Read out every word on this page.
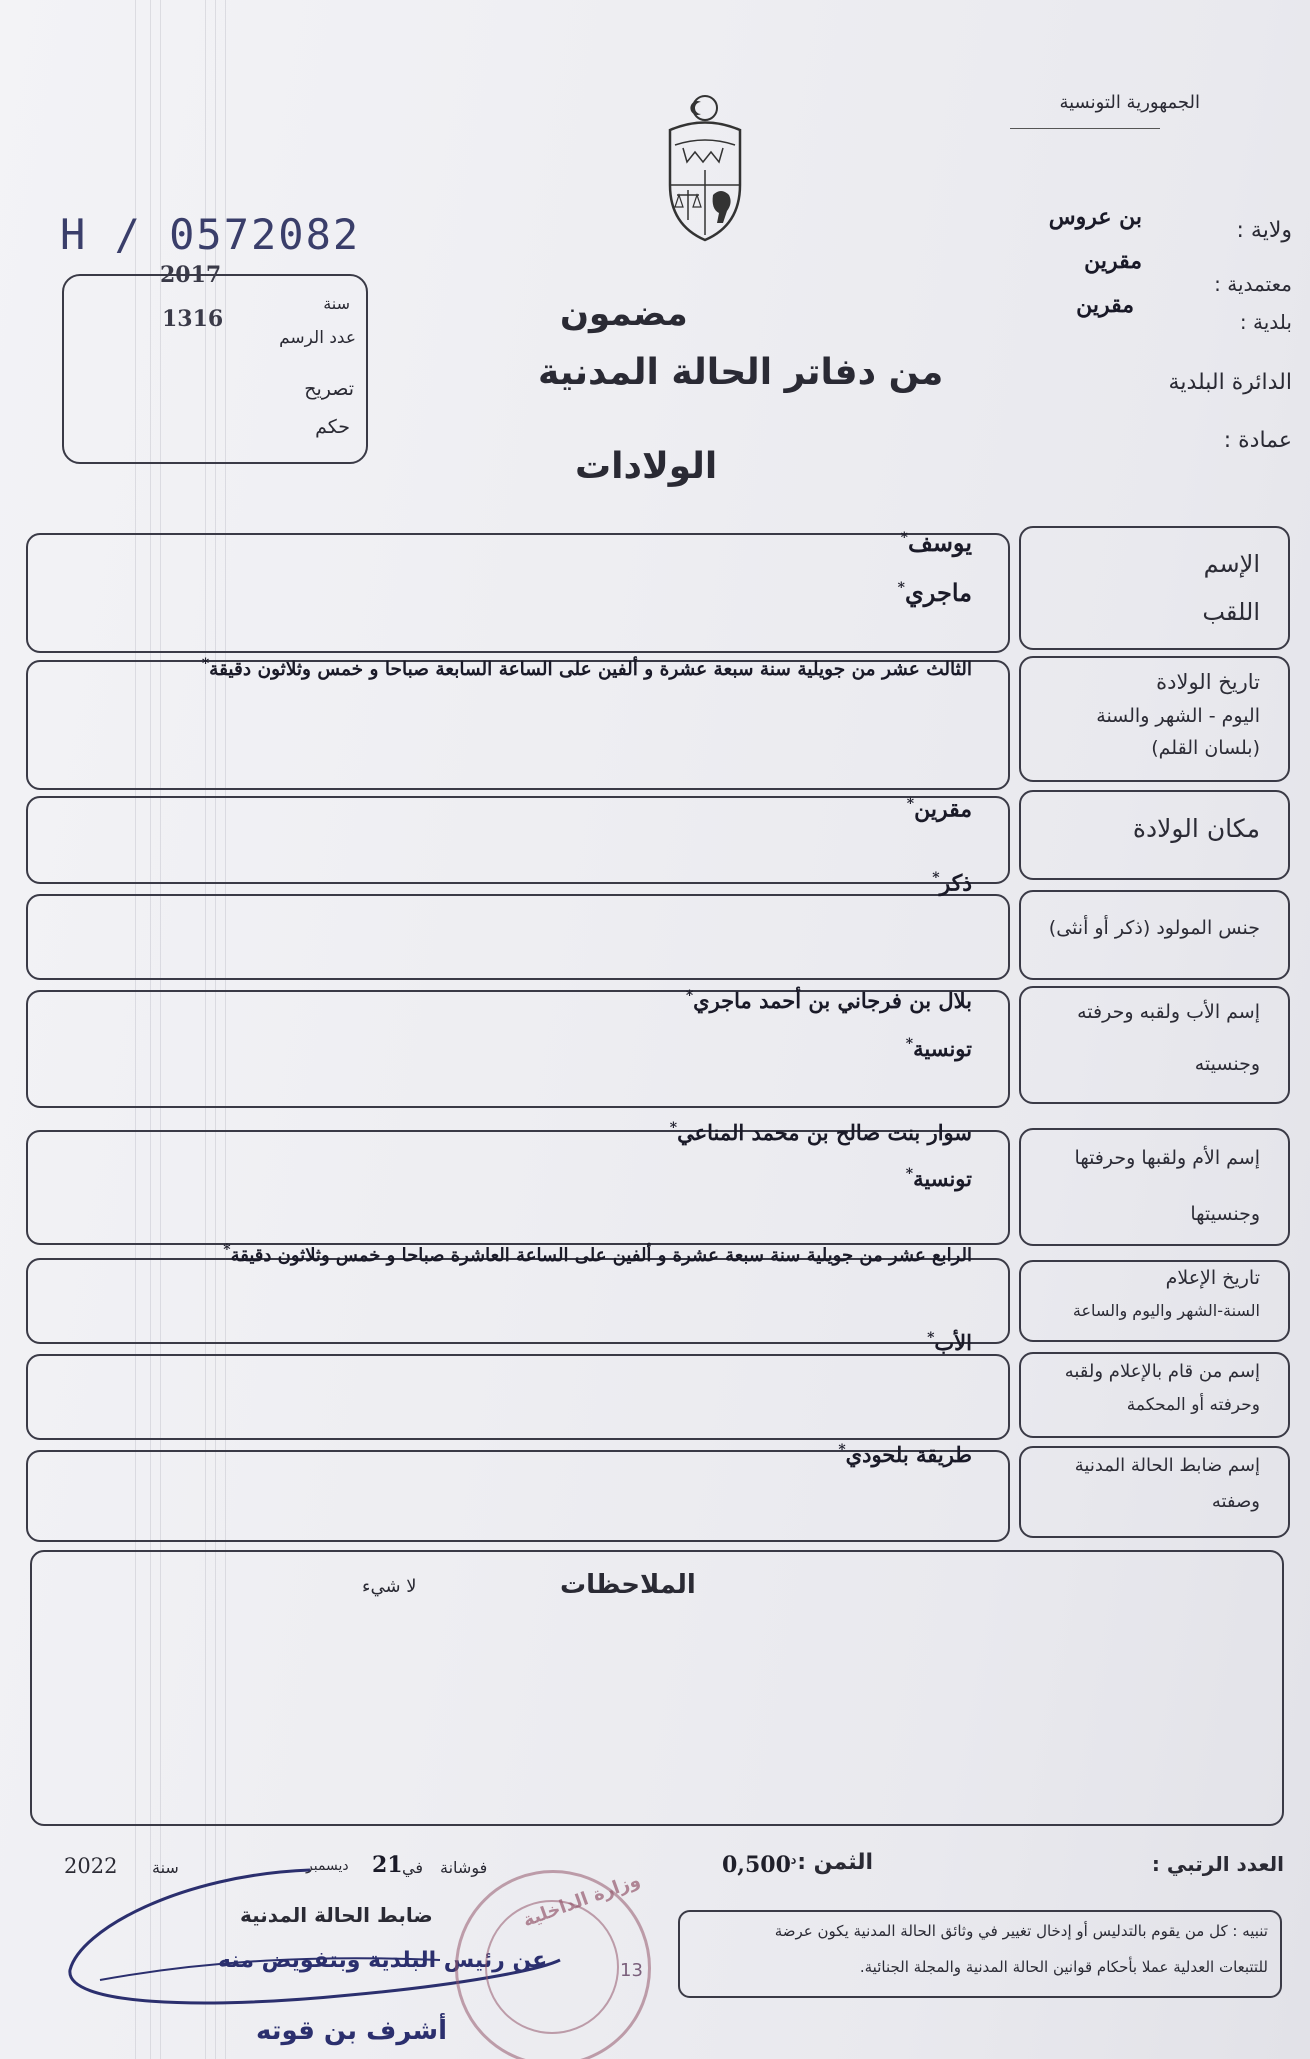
الجمهورية التونسية
ولاية :
بن عروس
معتمدية :
مقرين
بلدية :
مقرين
الدائرة البلدية
عمادة :
H / 0572082
2017
سنة
1316
عدد الرسم
تصريح
حكم
مضمون
من دفاتر الحالة المدنية
الولادات
الإسم
اللقب
يوسف*
ماجري*
تاريخ الولادة
اليوم - الشهر والسنة
(بلسان القلم)
الثالث عشر من جويلية سنة سبعة عشرة و ألفين على الساعة السابعة صباحا و خمس وثلاثون دقيقة*
مكان الولادة
مقرين*
جنس المولود (ذكر أو أنثى)
ذكر*
إسم الأب ولقبه وحرفته
وجنسيته
بلال بن فرجاني بن أحمد ماجري*
تونسية*
إسم الأم ولقبها وحرفتها
وجنسيتها
سوار بنت صالح بن محمد المناعي*
تونسية*
تاريخ الإعلام
السنة-الشهر واليوم والساعة
الرابع عشر من جويلية سنة سبعة عشرة و ألفين على الساعة العاشرة صباحا و خمس وثلاثون دقيقة*
إسم من قام بالإعلام ولقبه
وحرفته أو المحكمة
الأب*
إسم ضابط الحالة المدنية
وصفته
طريقة بلحودي*
الملاحظات
لا شيء
العدد الرتبي :
الثمن :
$^د$0,500
فوشانة
في
21
ديسمبر
سنة
2022
ضابط الحالة المدنية
عن رئيس البلدية وبتفويض منه
أشرف بن قوته
وزارة الداخلية
13
تنبيه : كل من يقوم بالتدليس أو إدخال تغيير في وثائق الحالة المدنية يكون عرضة
للتتبعات العدلية عملا بأحكام قوانين الحالة المدنية والمجلة الجنائية.
